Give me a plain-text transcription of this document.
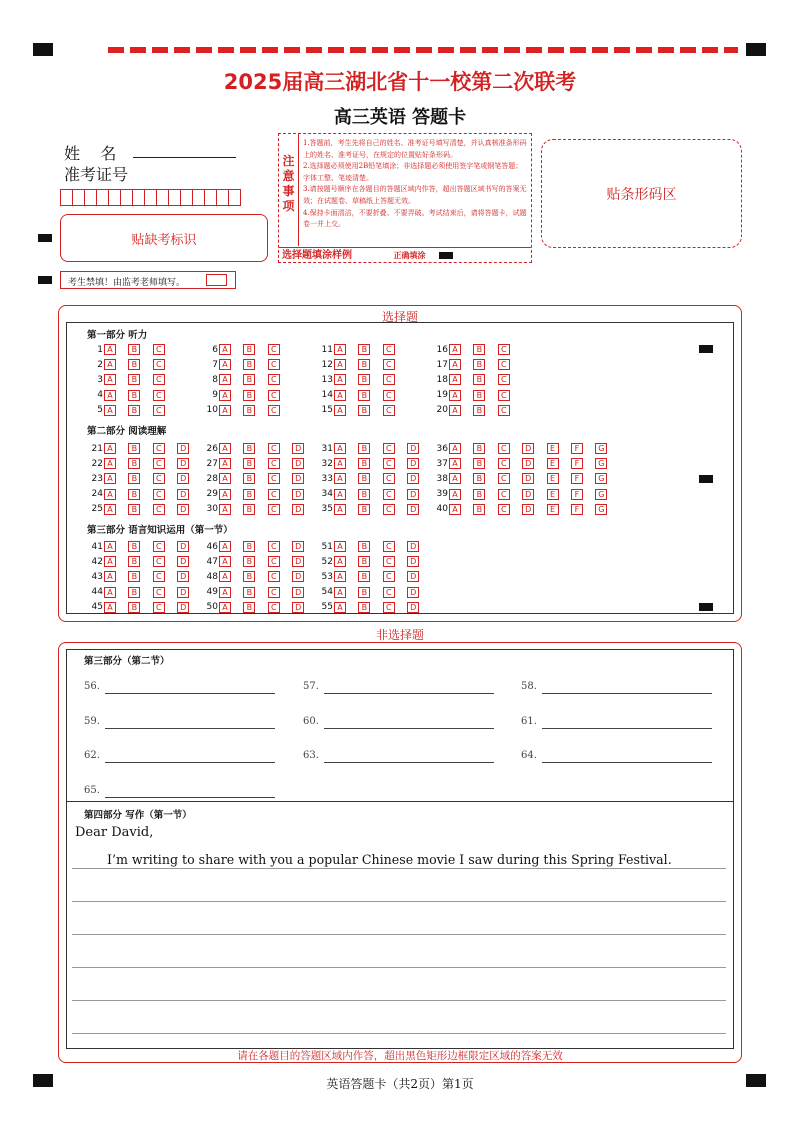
2025届高三湖北省十一校第二次联考
高三英语 答题卡
姓    名
准考证号
贴缺考标识
考生禁填！由监考老师填写。
注
意
事
项
1.答题前，考生先将自己的姓名、准考证号填写清楚，并认真核准条形码上的姓名、准考证号，在规定的位置贴好条形码。
2.选择题必须使用2B铅笔填涂；非选择题必须使用签字笔或钢笔答题；字体工整、笔迹清楚。
3.请按题号顺序在各题目的答题区域内作答，超出答题区域书写的答案无效；在试题卷、草稿纸上答题无效。
4.保持卡面清洁，不要折叠、不要弄破。考试结束后，请将答题卡，试题卷一并上交。
选择题填涂样例	正确填涂
贴条形码区
选择题
第一部分 听力
第二部分 阅读理解
第三部分 语言知识运用（第一节）
1 A	B	C
2 A	B	C
3 A	B	C
4 A	B	C
5 A	B	C
6 A	B	C
7 A	B	C
8 A	B	C
9 A	B	C
10 A	B	C
11 A	B	C
12 A	B	C
13 A	B	C
14 A	B	C
15 A	B	C
16 A	B	C
17 A	B	C
18 A	B	C
19 A	B	C
20 A	B	C
21 A	B	C	D
22 A	B	C	D
23 A	B	C	D
24 A	B	C	D
25 A	B	C	D
26 A	B	C	D
27 A	B	C	D
28 A	B	C	D
29 A	B	C	D
30 A	B	C	D
31 A	B	C	D
32 A	B	C	D
33 A	B	C	D
34 A	B	C	D
35 A	B	C	D
36 A	B	C	D	E	F	G
37 A	B	C	D	E	F	G
38 A	B	C	D	E	F	G
39 A	B	C	D	E	F	G
40 A	B	C	D	E	F	G
41 A	B	C	D
42 A	B	C	D
43 A	B	C	D
44 A	B	C	D
45 A	B	C	D
46 A	B	C	D
47 A	B	C	D
48 A	B	C	D
49 A	B	C	D
50 A	B	C	D
51 A	B	C	D
52 A	B	C	D
53 A	B	C	D
54 A	B	C	D
55 A	B	C	D
非选择题
第三部分（第二节）
56.	57.	58.
59.	60.	61.
62.	63.	64.
65.
第四部分 写作（第一节）
Dear David,
I’m writing to share with you a popular Chinese movie I saw during this Spring Festival.
请在各题目的答题区域内作答，超出黑色矩形边框限定区域的答案无效
英语答题卡（共2页）第1页
